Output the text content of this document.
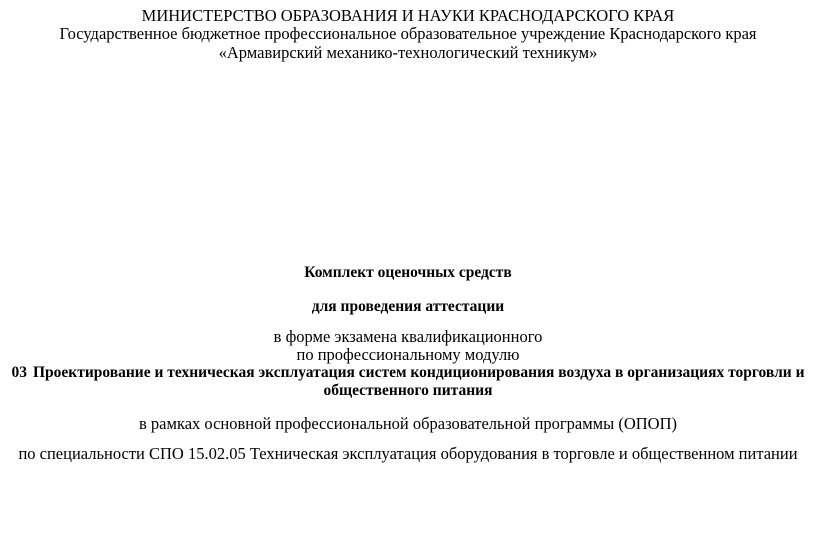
МИНИСТЕРСТВО ОБРАЗОВАНИЯ И НАУКИ КРАСНОДАРСКОГО КРАЯ
Государственное бюджетное профессиональное образовательное учреждение Краснодарского края
«Армавирский механико-технологический техникум»
Комплект оценочных средств
для проведения аттестации
в форме экзамена квалификационного
по профессиональному модулю
03 Проектирование и техническая эксплуатация систем кондиционирования воздуха в организациях торговли и
общественного питания
в рамках основной профессиональной образовательной программы (ОПОП)
по специальности СПО 15.02.05 Техническая эксплуатация оборудования в торговле и общественном питании
